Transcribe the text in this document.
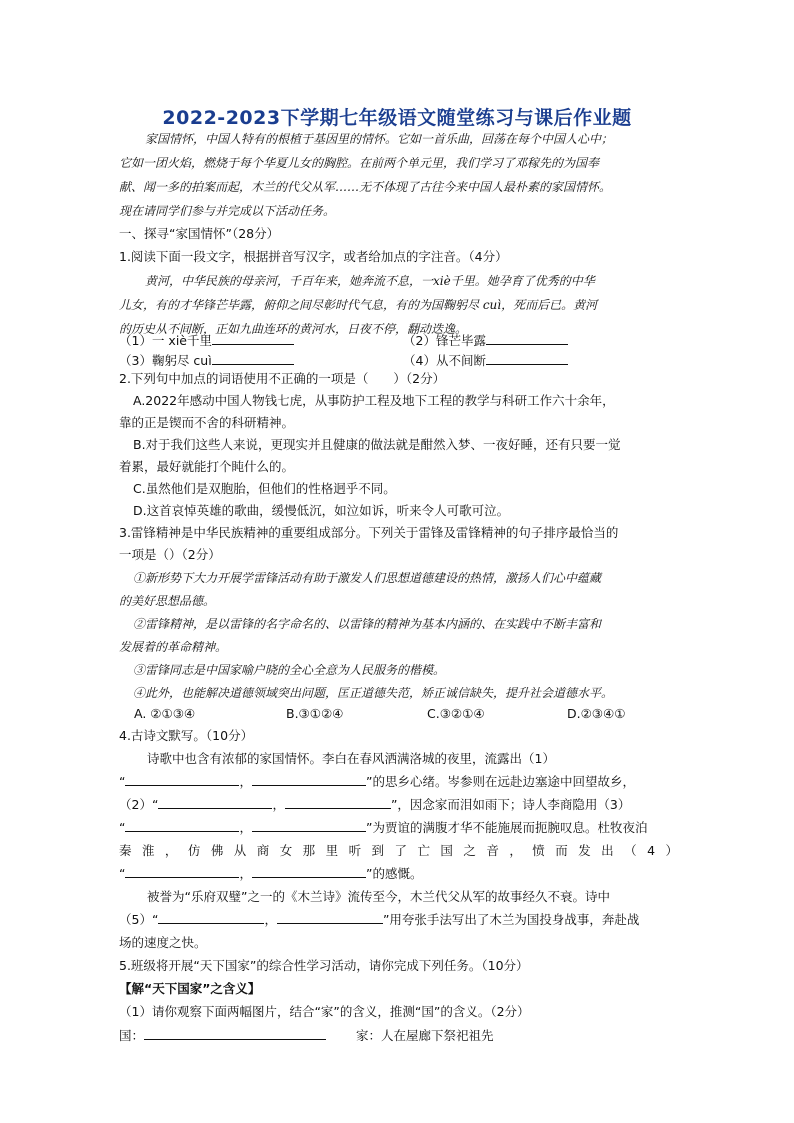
2022-2023下学期七年级语文随堂练习与课后作业题
家国情怀，中国人特有的根植于基因里的情怀。它如一首乐曲，回荡在每个中国人心中；
它如一团火焰，燃烧于每个华夏儿女的胸腔。在前两个单元里，我们学习了邓稼先的为国奉
献、闻一多的拍案而起，木兰的代父从军……无不体现了古往今来中国人最朴素的家国情怀。
现在请同学们参与并完成以下活动任务。
一、探寻“家国情怀”（28分）
1.阅读下面一段文字，根据拼音写汉字，或者给加点的字注音。（4分）
黄河，中华民族的母亲河，千百年来，她奔流不息，一xiè千里。她孕育了优秀的中华
儿女，有的才华锋芒毕露，俯仰之间尽彰时代气息，有的为国鞠躬尽 cuì，死而后已。黄河
的历史从不间断，正如九曲连环的黄河水，日夜不停，翻动迭逸。
（1）一 xiè千里	（2）锋芒毕露
（3）鞠躬尽 cuì	（4）从不间断
2.下列句中加点的词语使用不正确的一项是（　　）（2分）
A.2022年感动中国人物钱七虎，从事防护工程及地下工程的教学与科研工作六十余年，
靠的正是锲而不舍的科研精神。
B.对于我们这些人来说，更现实并且健康的做法就是酣然入梦、一夜好睡，还有只要一觉
着累，最好就能打个盹什么的。
C.虽然他们是双胞胎，但他们的性格迥乎不同。
D.这首哀悼英雄的歌曲，缓慢低沉，如泣如诉，听来令人可歌可泣。
3.雷锋精神是中华民族精神的重要组成部分。下列关于雷锋及雷锋精神的句子排序最恰当的
一项是（）（2分）
①新形势下大力开展学雷锋活动有助于激发人们思想道德建设的热情，激扬人们心中蕴藏
的美好思想品德。
②雷锋精神，是以雷锋的名字命名的、以雷锋的精神为基本内涵的、在实践中不断丰富和
发展着的革命精神。
③雷锋同志是中国家喻户晓的全心全意为人民服务的楷模。
④此外，也能解决道德领域突出问题，匡正道德失范，矫正诚信缺失，提升社会道德水平。
A. ②①③④	B.③①②④	C.③②①④	D.②③④①
4.古诗文默写。（10分）
诗歌中也含有浓郁的家国情怀。李白在春风洒满洛城的夜里，流露出（1）
“	，	”的思乡心绪。岑参则在远赴边塞途中回望故乡，
（2）“	，	”，因念家而泪如雨下；诗人李商隐用（3）
“	，	”为贾谊的满腹才华不能施展而扼腕叹息。杜牧夜泊
秦淮，仿佛从商女那里听到了亡国之音，愤而发出（4）
“	，	”的感慨。
被誉为“乐府双璧”之一的《木兰诗》流传至今，木兰代父从军的故事经久不衰。诗中
（5）“	，	”用夸张手法写出了木兰为国投身战事，奔赴战
场的速度之快。
5.班级将开展“天下国家”的综合性学习活动，请你完成下列任务。（10分）
【解“天下国家”之含义】
（1）请你观察下面两幅图片，结合“家”的含义，推测“国”的含义。（2分）
国：	家：人在屋廊下祭祀祖先
